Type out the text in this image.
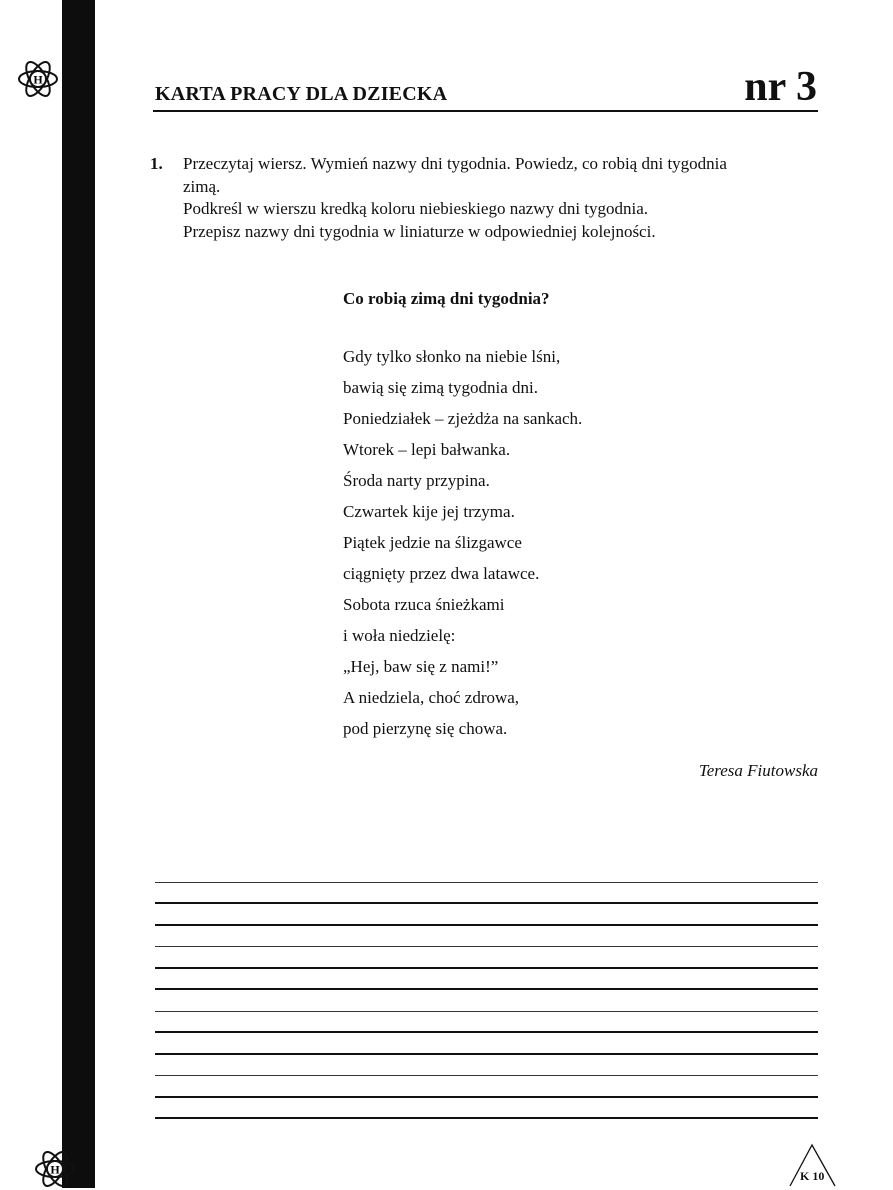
H
KARTA PRACY DLA DZIECKA	nr 3
1. Przeczytaj wiersz. Wymień nazwy dni tygodnia. Powiedz, co robią dni tygodnia
zimą.
Podkreśl w wierszu kredką koloru niebieskiego nazwy dni tygodnia.
Przepisz nazwy dni tygodnia w liniaturze w odpowiedniej kolejności.
Co robią zimą dni tygodnia?
Gdy tylko słonko na niebie lśni,
bawią się zimą tygodnia dni.
Poniedziałek – zjeżdża na sankach.
Wtorek – lepi bałwanka.
Środa narty przypina.
Czwartek kije jej trzyma.
Piątek jedzie na ślizgawce
ciągnięty przez dwa latawce.
Sobota rzuca śnieżkami
i woła niedzielę:
„Hej, baw się z nami!”
A niedziela, choć zdrowa,
pod pierzynę się chowa.
Teresa Fiutowska
H	K 10
